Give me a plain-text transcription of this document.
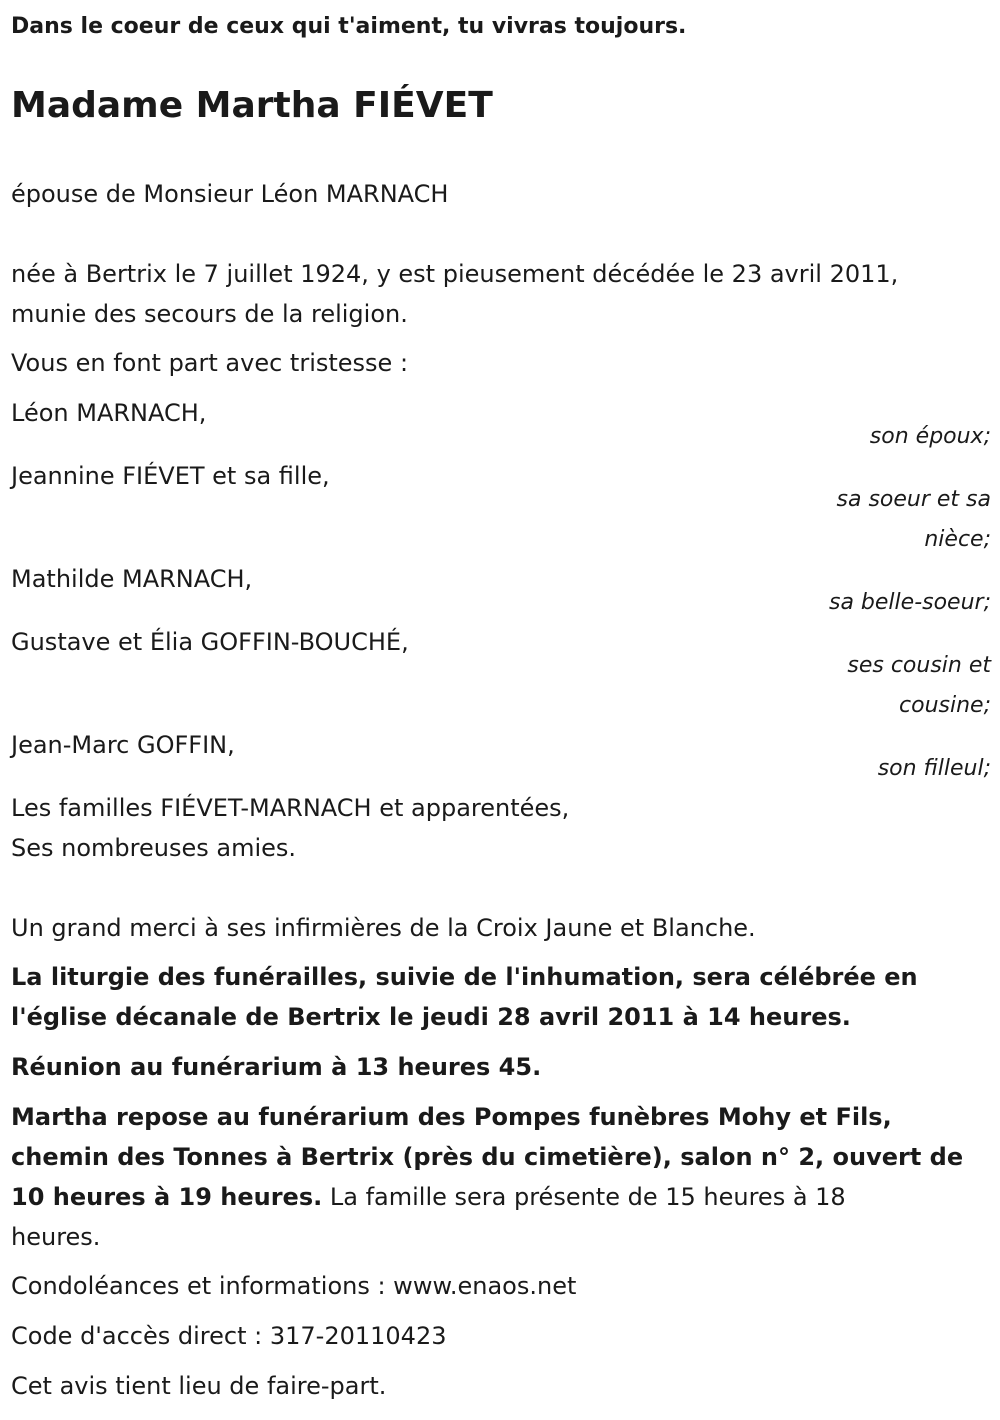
Dans le coeur de ceux qui t'aiment, tu vivras toujours.

Madame Martha FIÉVET

épouse de Monsieur Léon MARNACH

née à Bertrix le 7 juillet 1924, y est pieusement décédée le 23 avril 2011,

munie des secours de la religion.

Vous en font part avec tristesse :

Léon MARNACH,

son époux;

Jeannine FIÉVET et sa fille,

sa soeur et sa

nièce;

Mathilde MARNACH,

sa belle-soeur;

Gustave et Élia GOFFIN-BOUCHÉ,

ses cousin et

cousine;

Jean-Marc GOFFIN,

son filleul;

Les familles FIÉVET-MARNACH et apparentées,

Ses nombreuses amies.

Un grand merci à ses infirmières de la Croix Jaune et Blanche.

La liturgie des funérailles, suivie de l'inhumation, sera célébrée en

l'église décanale de Bertrix le jeudi 28 avril 2011 à 14 heures.

Réunion au funérarium à 13 heures 45.

Martha repose au funérarium des Pompes funèbres Mohy et Fils,

chemin des Tonnes à Bertrix (près du cimetière), salon n° 2, ouvert de

10 heures à 19 heures. La famille sera présente de 15 heures à 18

heures.

Condoléances et informations : www.enaos.net

Code d'accès direct : 317-20110423

Cet avis tient lieu de faire-part.
